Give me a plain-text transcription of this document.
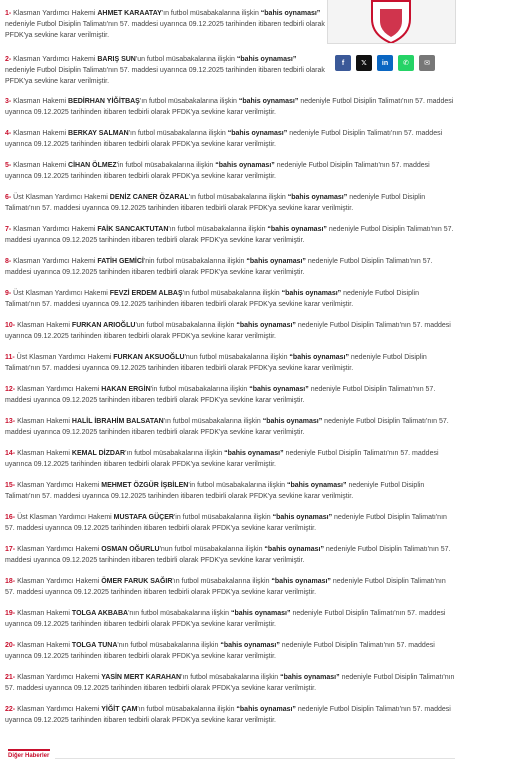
f 𝕏 in ✆ ✉

1- Klasman Yardımcı Hakemi AHMET KARAATAY'ın futbol müsabakalarına ilişkin “bahis oynaması” nedeniyle Futbol Disiplin Talimatı'nın 57. maddesi uyarınca 09.12.2025 tarihinden itibaren tedbirli olarak PFDK'ya sevkine karar verilmiştir.

2- Klasman Yardımcı Hakemi BARIŞ SUN'un futbol müsabakalarına ilişkin “bahis oynaması” nedeniyle Futbol Disiplin Talimatı'nın 57. maddesi uyarınca 09.12.2025 tarihinden itibaren tedbirli olarak PFDK'ya sevkine karar verilmiştir.

3- Klasman Hakemi BEDİRHAN YİĞİTBAŞ'ın futbol müsabakalarına ilişkin “bahis oynaması” nedeniyle Futbol Disiplin Talimatı'nın 57. maddesi uyarınca 09.12.2025 tarihinden itibaren tedbirli olarak PFDK'ya sevkine karar verilmiştir.

4- Klasman Hakemi BERKAY SALMAN'ın futbol müsabakalarına ilişkin “bahis oynaması” nedeniyle Futbol Disiplin Talimatı'nın 57. maddesi uyarınca 09.12.2025 tarihinden itibaren tedbirli olarak PFDK'ya sevkine karar verilmiştir.

5- Klasman Hakemi CİHAN ÖLMEZ'in futbol müsabakalarına ilişkin “bahis oynaması” nedeniyle Futbol Disiplin Talimatı'nın 57. maddesi uyarınca 09.12.2025 tarihinden itibaren tedbirli olarak PFDK'ya sevkine karar verilmiştir.

6- Üst Klasman Yardımcı Hakemi DENİZ CANER ÖZARAL'ın futbol müsabakalarına ilişkin “bahis oynaması” nedeniyle Futbol Disiplin Talimatı'nın 57. maddesi uyarınca 09.12.2025 tarihinden itibaren tedbirli olarak PFDK'ya sevkine karar verilmiştir.

7- Klasman Yardımcı Hakemi FAİK SANCAKTUTAN'ın futbol müsabakalarına ilişkin “bahis oynaması” nedeniyle Futbol Disiplin Talimatı'nın 57. maddesi uyarınca 09.12.2025 tarihinden itibaren tedbirli olarak PFDK'ya sevkine karar verilmiştir.

8- Klasman Yardımcı Hakemi FATİH GEMİCİ'nin futbol müsabakalarına ilişkin “bahis oynaması” nedeniyle Futbol Disiplin Talimatı'nın 57. maddesi uyarınca 09.12.2025 tarihinden itibaren tedbirli olarak PFDK'ya sevkine karar verilmiştir.

9- Üst Klasman Yardımcı Hakemi FEVZİ ERDEM ALBAŞ'ın futbol müsabakalarına ilişkin “bahis oynaması” nedeniyle Futbol Disiplin Talimatı'nın 57. maddesi uyarınca 09.12.2025 tarihinden itibaren tedbirli olarak PFDK'ya sevkine karar verilmiştir.

10- Klasman Hakemi FURKAN ARIOĞLU'un futbol müsabakalarına ilişkin “bahis oynaması” nedeniyle Futbol Disiplin Talimatı'nın 57. maddesi uyarınca 09.12.2025 tarihinden itibaren tedbirli olarak PFDK'ya sevkine karar verilmiştir.

11- Üst Klasman Yardımcı Hakemi FURKAN AKSUOĞLU'nun futbol müsabakalarına ilişkin “bahis oynaması” nedeniyle Futbol Disiplin Talimatı'nın 57. maddesi uyarınca 09.12.2025 tarihinden itibaren tedbirli olarak PFDK'ya sevkine karar verilmiştir.

12- Klasman Yardımcı Hakemi HAKAN ERGİN'in futbol müsabakalarına ilişkin “bahis oynaması” nedeniyle Futbol Disiplin Talimatı'nın 57. maddesi uyarınca 09.12.2025 tarihinden itibaren tedbirli olarak PFDK'ya sevkine karar verilmiştir.

13- Klasman Hakemi HALİL İBRAHİM BALSATAN'ın futbol müsabakalarına ilişkin “bahis oynaması” nedeniyle Futbol Disiplin Talimatı'nın 57. maddesi uyarınca 09.12.2025 tarihinden itibaren tedbirli olarak PFDK'ya sevkine karar verilmiştir.

14- Klasman Hakemi KEMAL DİZDAR'ın futbol müsabakalarına ilişkin “bahis oynaması” nedeniyle Futbol Disiplin Talimatı'nın 57. maddesi uyarınca 09.12.2025 tarihinden itibaren tedbirli olarak PFDK'ya sevkine karar verilmiştir.

15- Klasman Yardımcı Hakemi MEHMET ÖZGÜR İŞBİLEN'in futbol müsabakalarına ilişkin “bahis oynaması” nedeniyle Futbol Disiplin Talimatı'nın 57. maddesi uyarınca 09.12.2025 tarihinden itibaren tedbirli olarak PFDK'ya sevkine karar verilmiştir.

16- Üst Klasman Yardımcı Hakemi MUSTAFA GÜÇER'in futbol müsabakalarına ilişkin “bahis oynaması” nedeniyle Futbol Disiplin Talimatı'nın 57. maddesi uyarınca 09.12.2025 tarihinden itibaren tedbirli olarak PFDK'ya sevkine karar verilmiştir.

17- Klasman Yardımcı Hakemi OSMAN OĞURLU'nun futbol müsabakalarına ilişkin “bahis oynaması” nedeniyle Futbol Disiplin Talimatı'nın 57. maddesi uyarınca 09.12.2025 tarihinden itibaren tedbirli olarak PFDK'ya sevkine karar verilmiştir.

18- Klasman Yardımcı Hakemi ÖMER FARUK SAĞIR'ın futbol müsabakalarına ilişkin “bahis oynaması” nedeniyle Futbol Disiplin Talimatı'nın 57. maddesi uyarınca 09.12.2025 tarihinden itibaren tedbirli olarak PFDK'ya sevkine karar verilmiştir.

19- Klasman Hakemi TOLGA AKBABA'nın futbol müsabakalarına ilişkin “bahis oynaması” nedeniyle Futbol Disiplin Talimatı'nın 57. maddesi uyarınca 09.12.2025 tarihinden itibaren tedbirli olarak PFDK'ya sevkine karar verilmiştir.

20- Klasman Hakemi TOLGA TUNA'nın futbol müsabakalarına ilişkin “bahis oynaması” nedeniyle Futbol Disiplin Talimatı'nın 57. maddesi uyarınca 09.12.2025 tarihinden itibaren tedbirli olarak PFDK'ya sevkine karar verilmiştir.

21- Klasman Yardımcı Hakemi YASİN MERT KARAHAN'ın futbol müsabakalarına ilişkin “bahis oynaması” nedeniyle Futbol Disiplin Talimatı'nın 57. maddesi uyarınca 09.12.2025 tarihinden itibaren tedbirli olarak PFDK'ya sevkine karar verilmiştir.

22- Klasman Yardımcı Hakemi YİĞİT ÇAM'ın futbol müsabakalarına ilişkin “bahis oynaması” nedeniyle Futbol Disiplin Talimatı'nın 57. maddesi uyarınca 09.12.2025 tarihinden itibaren tedbirli olarak PFDK'ya sevkine karar verilmiştir.

Diğer Haberler
